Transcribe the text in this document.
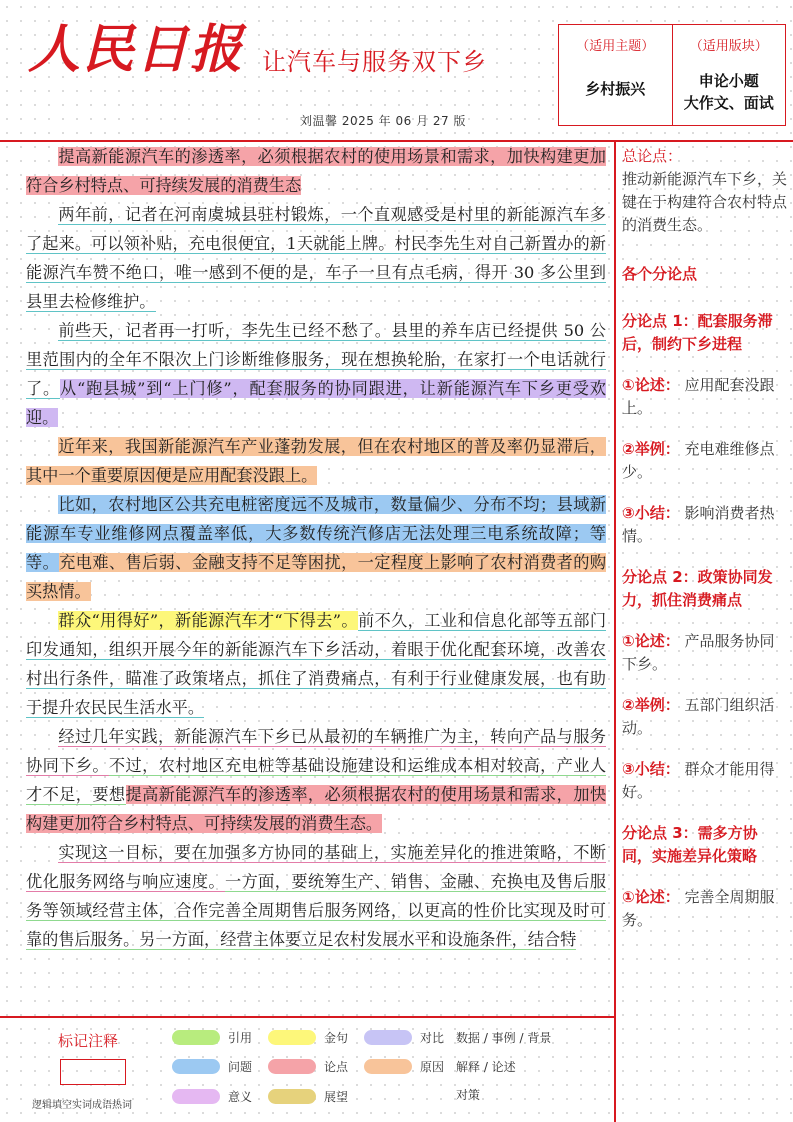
人民日报 让汽车与服务双下乡
刘温馨 2025 年 06 月 27 版
（适用主题）
乡村振兴
（适用版块）
申论小题
大作文、面试

提高新能源汽车的渗透率，必须根据农村的使用场景和需求，加快构建更加符合乡村特点、可持续发展的消费生态

两年前，记者在河南虞城县驻村锻炼，一个直观感受是村里的新能源汽车多了起来。可以领补贴，充电很便宜，1天就能上牌。村民李先生对自己新置办的新能源汽车赞不绝口，唯一感到不便的是，车子一旦有点毛病，得开 30 多公里到县里去检修维护。

前些天，记者再一打听，李先生已经不愁了。县里的养车店已经提供 50 公里范围内的全年不限次上门诊断维修服务，现在想换轮胎，在家打一个电话就行了。从“跑县城”到“上门修”，配套服务的协同跟进，让新能源汽车下乡更受欢迎。

近年来，我国新能源汽车产业蓬勃发展，但在农村地区的普及率仍显滞后，其中一个重要原因便是应用配套没跟上。

比如，农村地区公共充电桩密度远不及城市，数量偏少、分布不均；县域新能源车专业维修网点覆盖率低，大多数传统汽修店无法处理三电系统故障；等等。充电难、售后弱、金融支持不足等困扰，一定程度上影响了农村消费者的购买热情。

群众“用得好”，新能源汽车才“下得去”。前不久，工业和信息化部等五部门印发通知，组织开展今年的新能源汽车下乡活动，着眼于优化配套环境，改善农村出行条件，瞄准了政策堵点，抓住了消费痛点，有利于行业健康发展，也有助于提升农民民生活水平。

经过几年实践，新能源汽车下乡已从最初的车辆推广为主，转向产品与服务协同下乡。不过，农村地区充电桩等基础设施建设和运维成本相对较高，产业人才不足，要想提高新能源汽车的渗透率，必须根据农村的使用场景和需求，加快构建更加符合乡村特点、可持续发展的消费生态。

实现这一目标，要在加强多方协同的基础上，实施差异化的推进策略，不断优化服务网络与响应速度。一方面，要统筹生产、销售、金融、充换电及售后服务等领域经营主体，合作完善全周期售后服务网络，以更高的性价比实现及时可靠的售后服务。另一方面，经营主体要立足农村发展水平和设施条件，结合特

总论点：
推动新能源汽车下乡，关键在于构建符合农村特点的消费生态。
各个分论点
分论点 1：配套服务滞后，制约下乡进程
①论述： 应用配套没跟上。
②举例： 充电难维修点少。
③小结： 影响消费者热情。
分论点 2：政策协同发力，抓住消费痛点
①论述： 产品服务协同下乡。
②举例： 五部门组织活动。
③小结： 群众才能用得好。
分论点 3：需多方协同，实施差异化策略
①论述： 完善全周期服务。
标记注释
逻辑填空实词成语热词
引用	金句	对比 数据 / 事例 / 背景
问题	论点	原因 解释 / 论述
意义	展望	对策
